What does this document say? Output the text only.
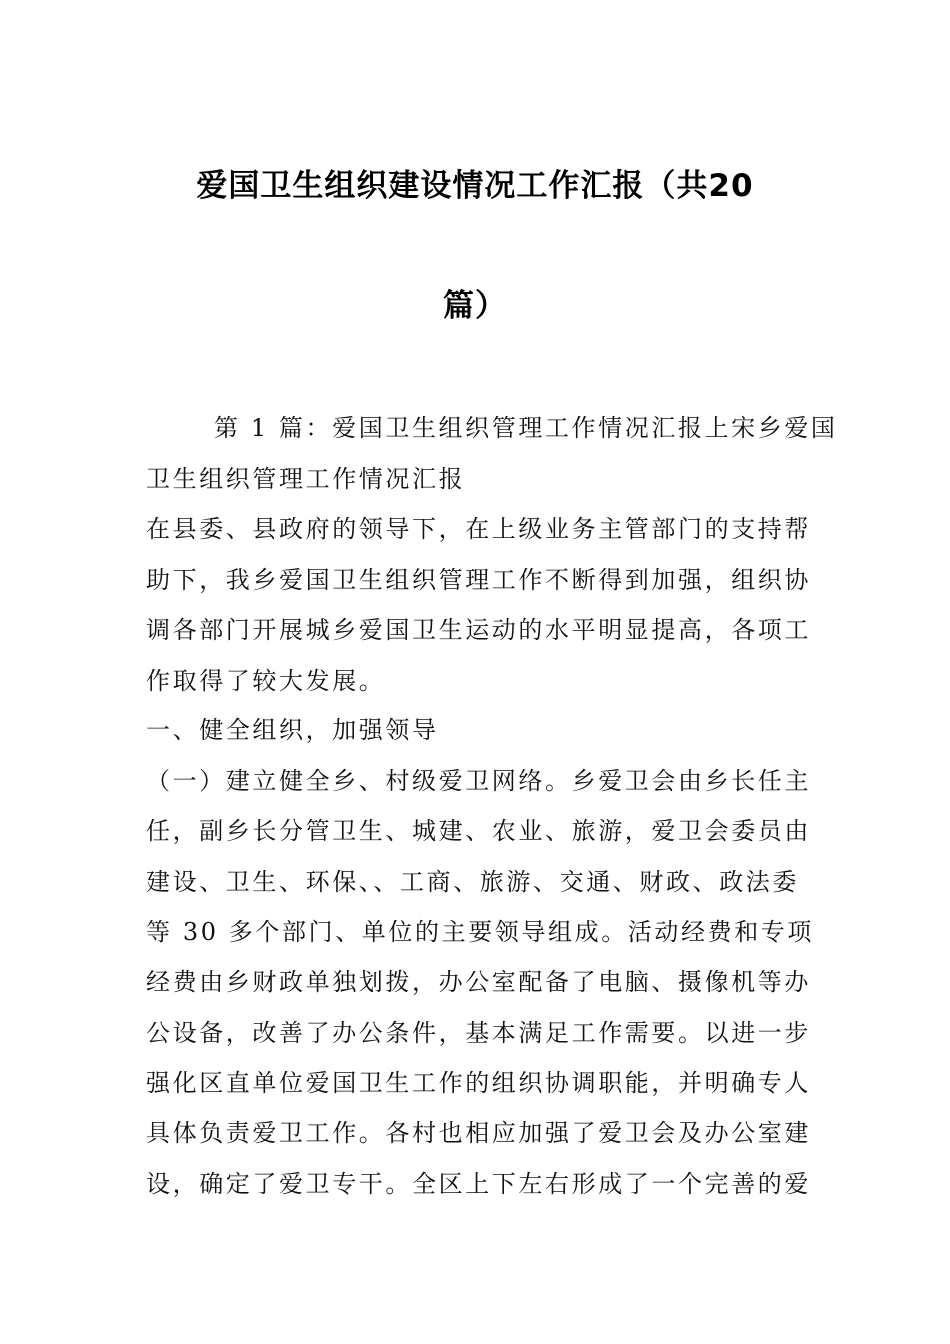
爱国卫生组织建设情况工作汇报（共20
篇）
第 1 篇：爱国卫生组织管理工作情况汇报上宋乡爱国
卫生组织管理工作情况汇报
在县委、县政府的领导下，在上级业务主管部门的支持帮
助下，我乡爱国卫生组织管理工作不断得到加强，组织协
调各部门开展城乡爱国卫生运动的水平明显提高，各项工
作取得了较大发展。
一、健全组织，加强领导
（一）建立健全乡、村级爱卫网络。乡爱卫会由乡长任主
任，副乡长分管卫生、城建、农业、旅游，爱卫会委员由
建设、卫生、环保、、工商、旅游、交通、财政、政法委
等 30 多个部门、单位的主要领导组成。活动经费和专项
经费由乡财政单独划拨，办公室配备了电脑、摄像机等办
公设备，改善了办公条件，基本满足工作需要。以进一步
强化区直单位爱国卫生工作的组织协调职能，并明确专人
具体负责爱卫工作。各村也相应加强了爱卫会及办公室建
设，确定了爱卫专干。全区上下左右形成了一个完善的爱
